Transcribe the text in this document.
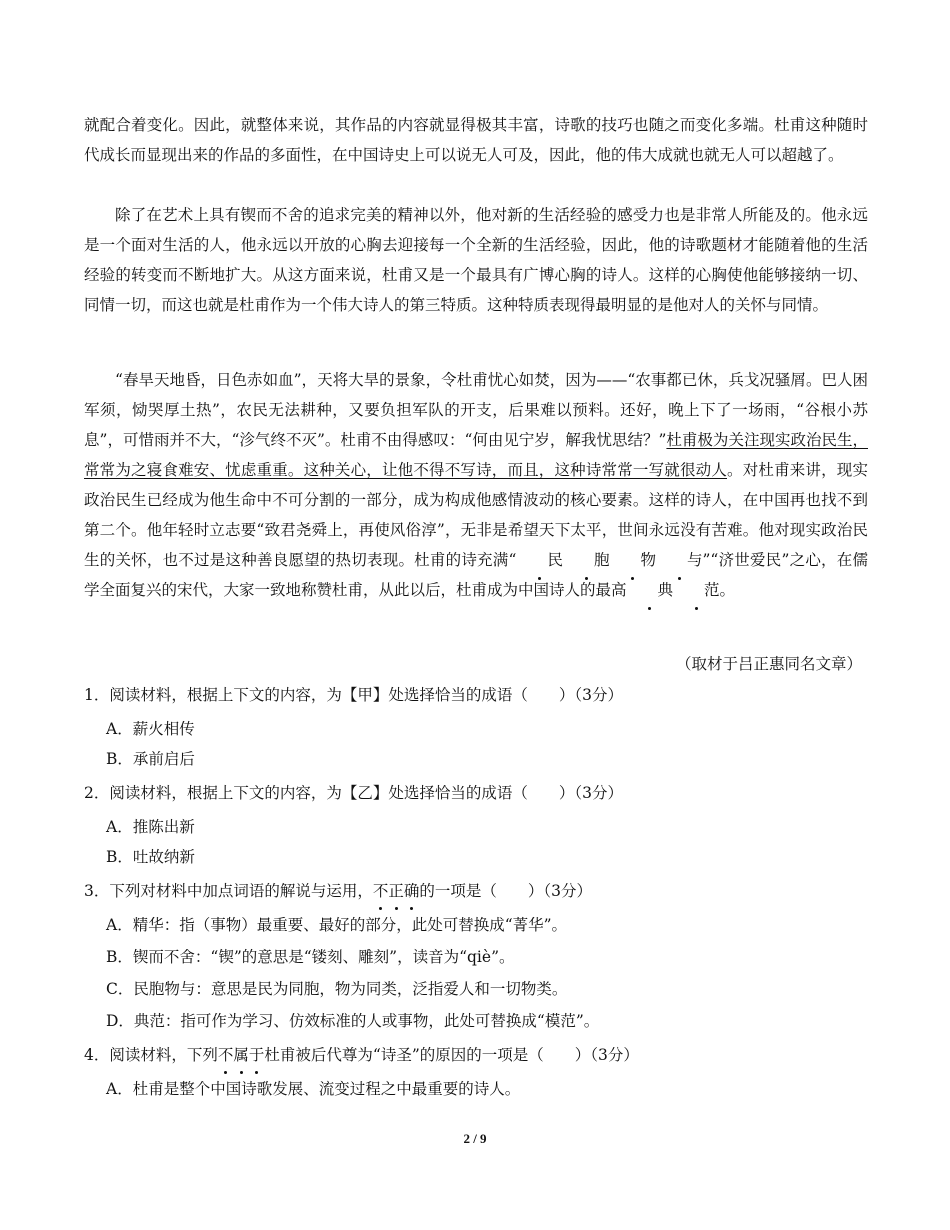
就配合着变化。因此，就整体来说，其作品的内容就显得极其丰富，诗歌的技巧也随之而变化多端。杜甫这种随时代成长而显现出来的作品的多面性，在中国诗史上可以说无人可及，因此，他的伟大成就也就无人可以超越了。

除了在艺术上具有锲而不舍的追求完美的精神以外，他对新的生活经验的感受力也是非常人所能及的。他永远是一个面对生活的人，他永远以开放的心胸去迎接每一个全新的生活经验，因此，他的诗歌题材才能随着他的生活经验的转变而不断地扩大。从这方面来说，杜甫又是一个最具有广博心胸的诗人。这样的心胸使他能够接纳一切、同情一切，而这也就是杜甫作为一个伟大诗人的第三特质。这种特质表现得最明显的是他对人的关怀与同情。

“春旱天地昏，日色赤如血”，天将大旱的景象，令杜甫忧心如焚，因为——“农事都已休，兵戈况骚屑。巴人困军须，恸哭厚土热”，农民无法耕种，又要负担军队的开支，后果难以预料。还好，晚上下了一场雨，“谷根小苏息”，可惜雨并不大，“沴气终不灭”。杜甫不由得感叹：“何由见宁岁，解我忧思结？”杜甫极为关注现实政治民生，常常为之寝食难安、忧虑重重。这种关心，让他不得不写诗，而且，这种诗常常一写就很动人。对杜甫来讲，现实政治民生已经成为他生命中不可分割的一部分，成为构成他感情波动的核心要素。这样的诗人，在中国再也找不到第二个。他年轻时立志要“致君尧舜上，再使风俗淳”，无非是希望天下太平，世间永远没有苦难。他对现实政治民生的关怀，也不过是这种善良愿望的热切表现。杜甫的诗充满“ 民 胞 物 与”“济世爱民”之心，在儒学全面复兴的宋代，大家一致地称赞杜甫，从此以后，杜甫成为中国诗人的最高 典 范。

（取材于吕正惠同名文章）
1．阅读材料，根据上下文的内容，为【甲】处选择恰当的成语（　　）（3分）
A．薪火相传
B．承前启后
2．阅读材料，根据上下文的内容，为【乙】处选择恰当的成语（　　）（3分）
A．推陈出新
B．吐故纳新
3．下列对材料中加点词语的解说与运用，不正确的一项是（　　）（3分）
A．精华：指（事物）最重要、最好的部分，此处可替换成“菁华”。
B．锲而不舍：“锲”的意思是“镂刻、雕刻”，读音为“qiè”。
C．民胞物与：意思是民为同胞，物为同类，泛指爱人和一切物类。
D．典范：指可作为学习、仿效标准的人或事物，此处可替换成“模范”。
4．阅读材料，下列不属于杜甫被后代尊为“诗圣”的原因的一项是（　　）（3分）
A．杜甫是整个中国诗歌发展、流变过程之中最重要的诗人。
2 / 9
